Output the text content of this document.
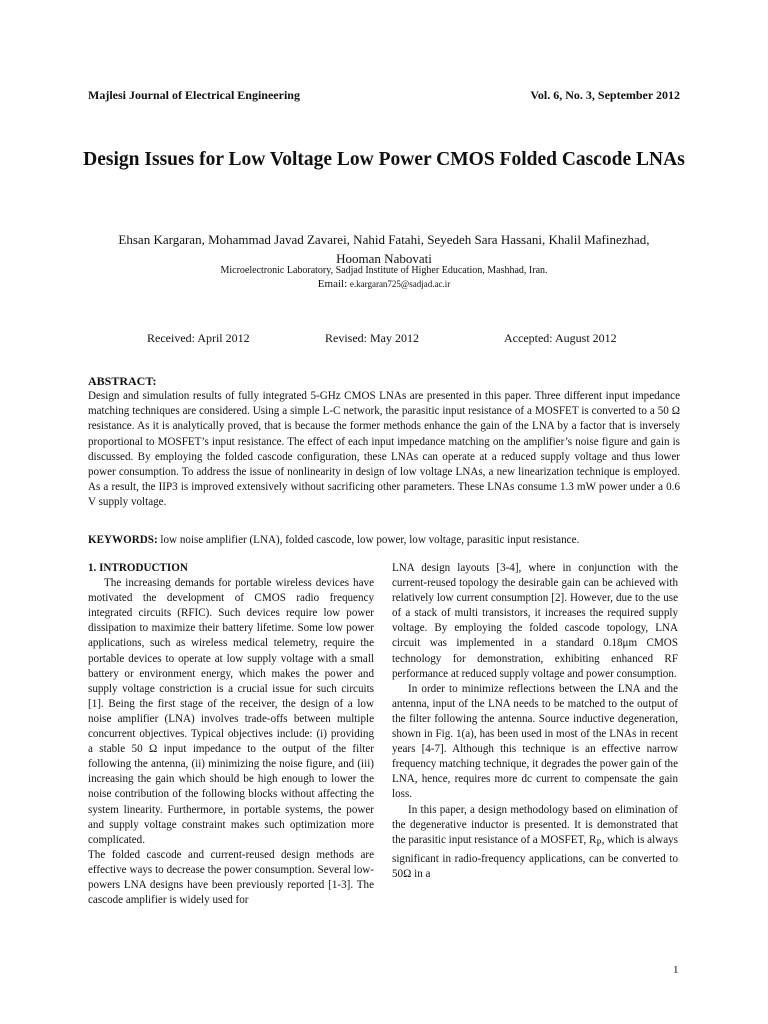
Majlesi Journal of Electrical Engineering	Vol. 6, No. 3, September 2012
Design Issues for Low Voltage Low Power CMOS Folded Cascode LNAs
Ehsan Kargaran, Mohammad Javad Zavarei, Nahid Fatahi, Seyedeh Sara Hassani, Khalil Mafinezhad, Hooman Nabovati
Microelectronic Laboratory, Sadjad Institute of Higher Education, Mashhad, Iran.
Email: e.kargaran725@sadjad.ac.ir
Received: April 2012	Revised: May 2012	Accepted: August 2012
ABSTRACT:
Design and simulation results of fully integrated 5-GHz CMOS LNAs are presented in this paper. Three different input impedance matching techniques are considered. Using a simple L-C network, the parasitic input resistance of a MOSFET is converted to a 50 Ω resistance. As it is analytically proved, that is because the former methods enhance the gain of the LNA by a factor that is inversely proportional to MOSFET’s input resistance. The effect of each input impedance matching on the amplifier’s noise figure and gain is discussed. By employing the folded cascode configuration, these LNAs can operate at a reduced supply voltage and thus lower power consumption. To address the issue of nonlinearity in design of low voltage LNAs, a new linearization technique is employed. As a result, the IIP3 is improved extensively without sacrificing other parameters. These LNAs consume 1.3 mW power under a 0.6 V supply voltage.
KEYWORDS: low noise amplifier (LNA), folded cascode, low power, low voltage, parasitic input resistance.

1. INTRODUCTION

The increasing demands for portable wireless devices have motivated the development of CMOS radio frequency integrated circuits (RFIC). Such devices require low power dissipation to maximize their battery lifetime. Some low power applications, such as wireless medical telemetry, require the portable devices to operate at low supply voltage with a small battery or environment energy, which makes the power and supply voltage constriction is a crucial issue for such circuits [1]. Being the first stage of the receiver, the design of a low noise amplifier (LNA) involves trade-offs between multiple concurrent objectives. Typical objectives include: (i) providing a stable 50 Ω input impedance to the output of the filter following the antenna, (ii) minimizing the noise figure, and (iii) increasing the gain which should be high enough to lower the noise contribution of the following blocks without affecting the system linearity. Furthermore, in portable systems, the power and supply voltage constraint makes such optimization more complicated.

The folded cascode and current-reused design methods are effective ways to decrease the power consumption. Several low-powers LNA designs have been previously reported [1-3]. The cascode amplifier is widely used for

LNA design layouts [3-4], where in conjunction with the current-reused topology the desirable gain can be achieved with relatively low current consumption [2]. However, due to the use of a stack of multi transistors, it increases the required supply voltage. By employing the folded cascode topology, LNA circuit was implemented in a standard 0.18μm CMOS technology for demonstration, exhibiting enhanced RF performance at reduced supply voltage and power consumption.

In order to minimize reflections between the LNA and the antenna, input of the LNA needs to be matched to the output of the filter following the antenna. Source inductive degeneration, shown in Fig. 1(a), has been used in most of the LNAs in recent years [4-7]. Although this technique is an effective narrow frequency matching technique, it degrades the power gain of the LNA, hence, requires more dc current to compensate the gain loss.

In this paper, a design methodology based on elimination of the degenerative inductor is presented. It is demonstrated that the parasitic input resistance of a MOSFET, $R_P$, which is always significant in radio-frequency applications, can be converted to 50Ω in a

1
